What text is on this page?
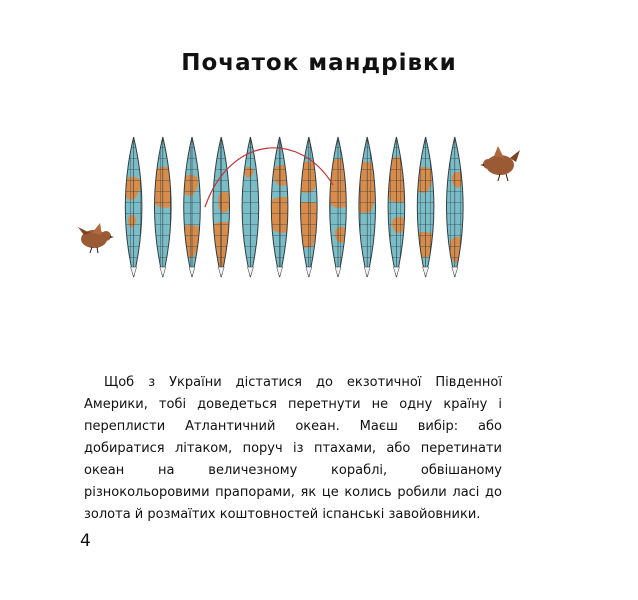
Початок мандрівки

Щоб з України дістатися до екзотичної Південної Америки, тобі доведеться перетнути не одну країну і переплисти Атлантичний океан. Маєш вибір: або добиратися літаком, поруч із птахами, або перетинати океан на величезному кораблі, обвішаному різнокольоровими прапорами, як це колись робили ласі до золота й розмаїтих коштовностей іспанські завойовники.

4
